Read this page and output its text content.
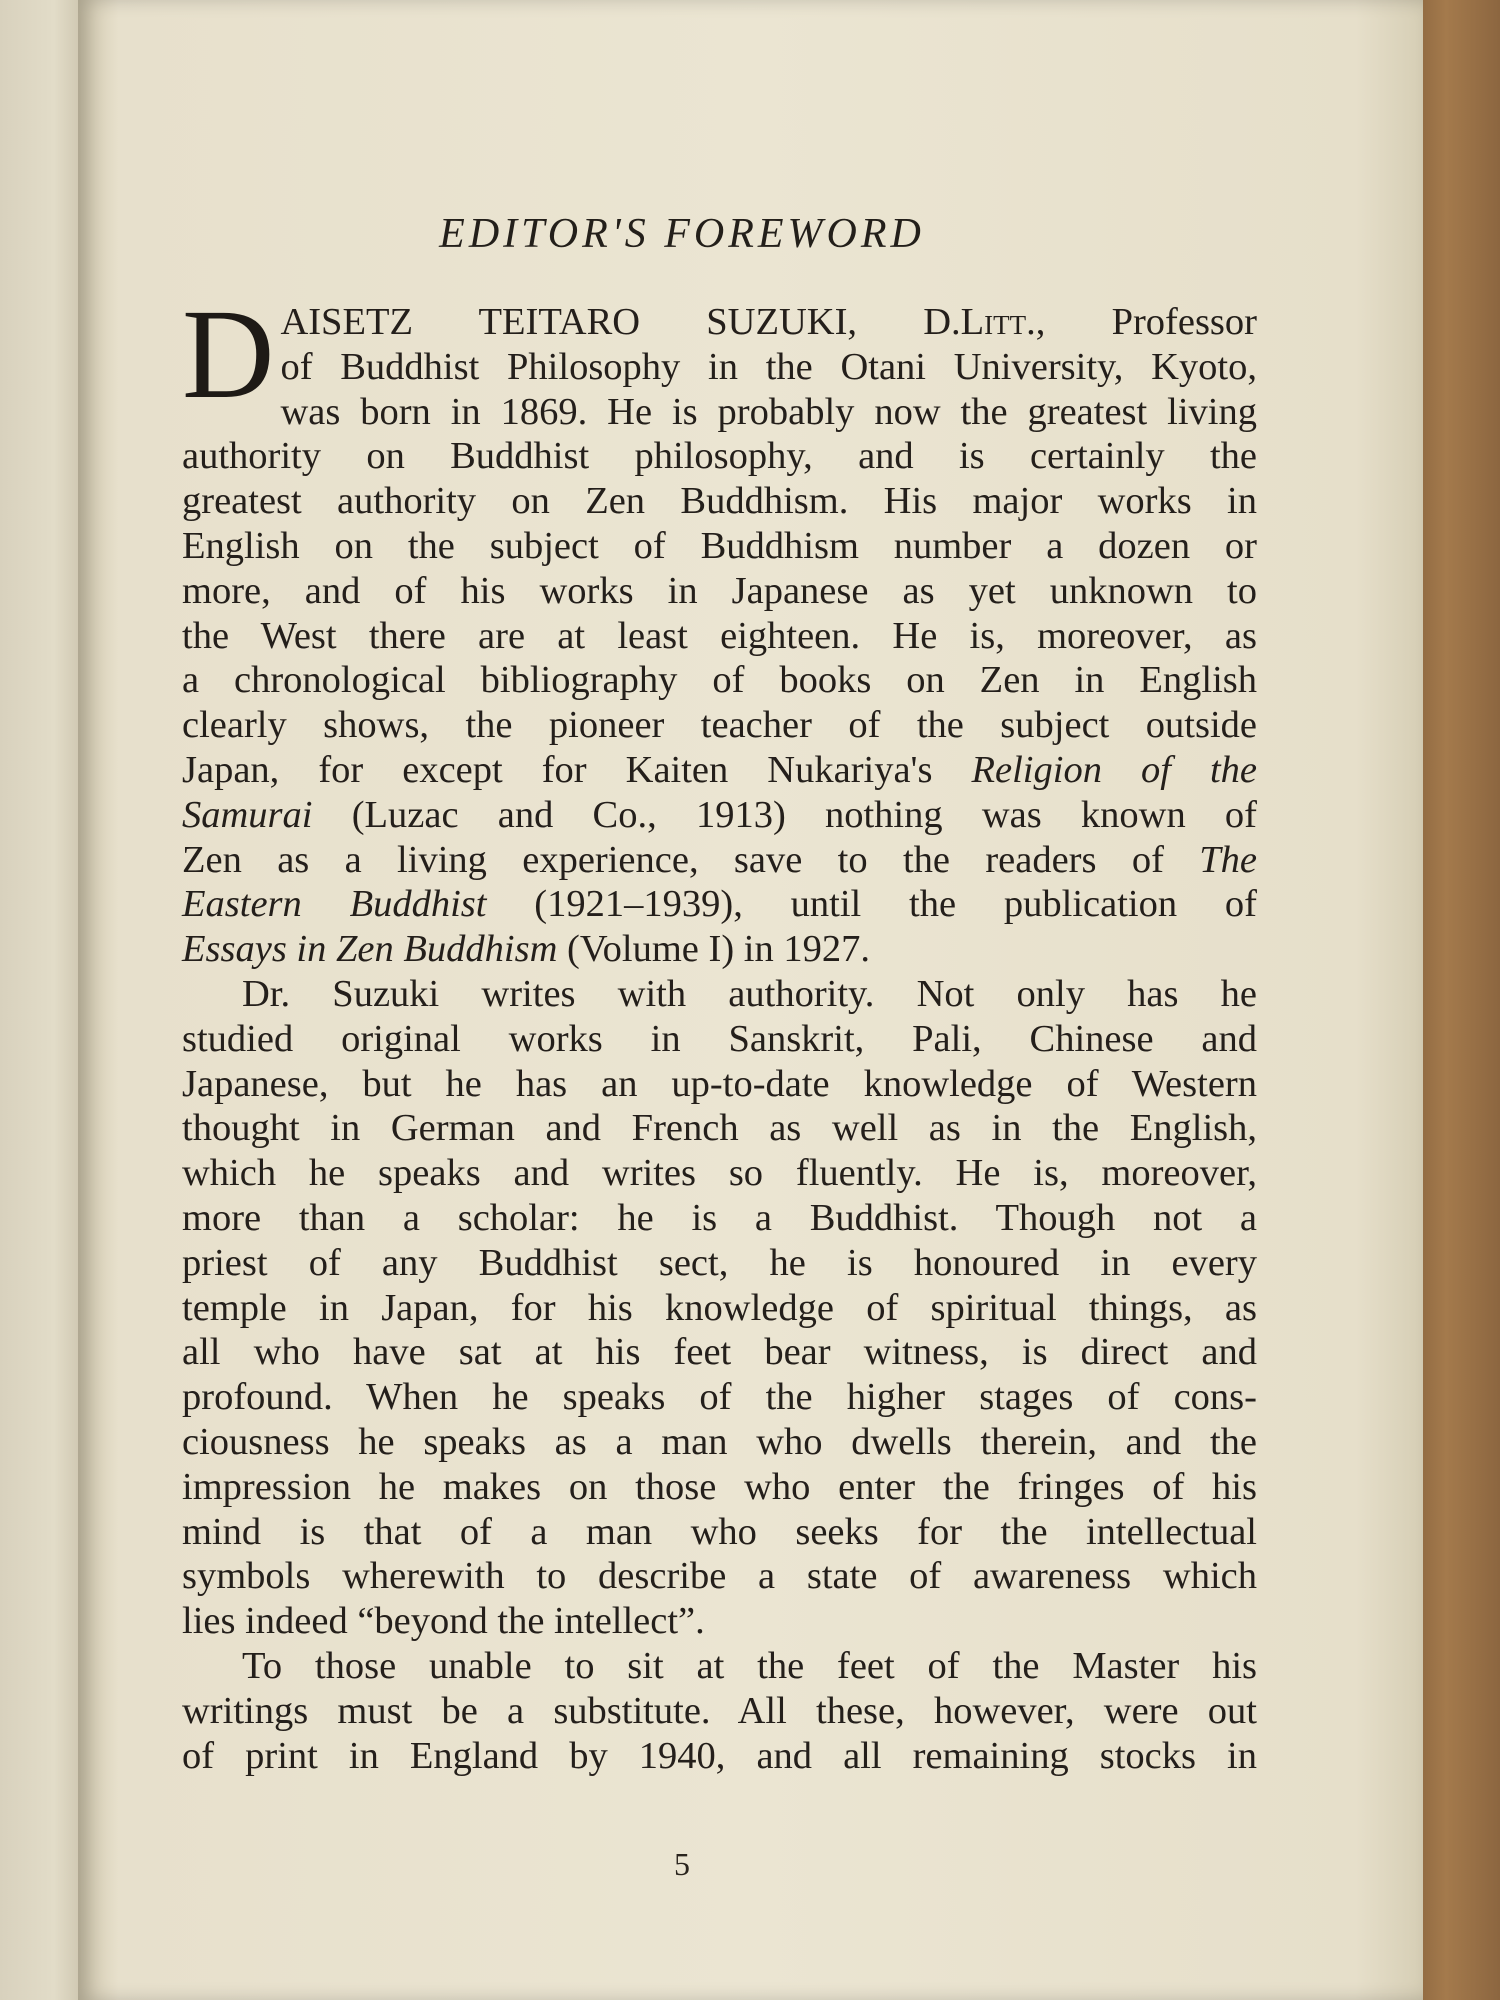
EDITOR'S FOREWORD
D AISETZ TEITARO SUZUKI, D.Litt., Professor
of Buddhist Philosophy in the Otani University, Kyoto,
was born in 1869. He is probably now the greatest living
authority on Buddhist philosophy, and is certainly the
greatest authority on Zen Buddhism. His major works in
English on the subject of Buddhism number a dozen or
more, and of his works in Japanese as yet unknown to
the West there are at least eighteen. He is, moreover, as
a chronological bibliography of books on Zen in English
clearly shows, the pioneer teacher of the subject outside
Japan, for except for Kaiten Nukariya's Religion of the
Samurai (Luzac and Co., 1913) nothing was known of
Zen as a living experience, save to the readers of The
Eastern Buddhist (1921–1939), until the publication of
Essays in Zen Buddhism (Volume I) in 1927.
Dr. Suzuki writes with authority. Not only has he
studied original works in Sanskrit, Pali, Chinese and
Japanese, but he has an up-to-date knowledge of Western
thought in German and French as well as in the English,
which he speaks and writes so fluently. He is, moreover,
more than a scholar: he is a Buddhist. Though not a
priest of any Buddhist sect, he is honoured in every
temple in Japan, for his knowledge of spiritual things, as
all who have sat at his feet bear witness, is direct and
profound. When he speaks of the higher stages of cons-
ciousness he speaks as a man who dwells therein, and the
impression he makes on those who enter the fringes of his
mind is that of a man who seeks for the intellectual
symbols wherewith to describe a state of awareness which
lies indeed “beyond the intellect”.
To those unable to sit at the feet of the Master his
writings must be a substitute. All these, however, were out
of print in England by 1940, and all remaining stocks in
5
